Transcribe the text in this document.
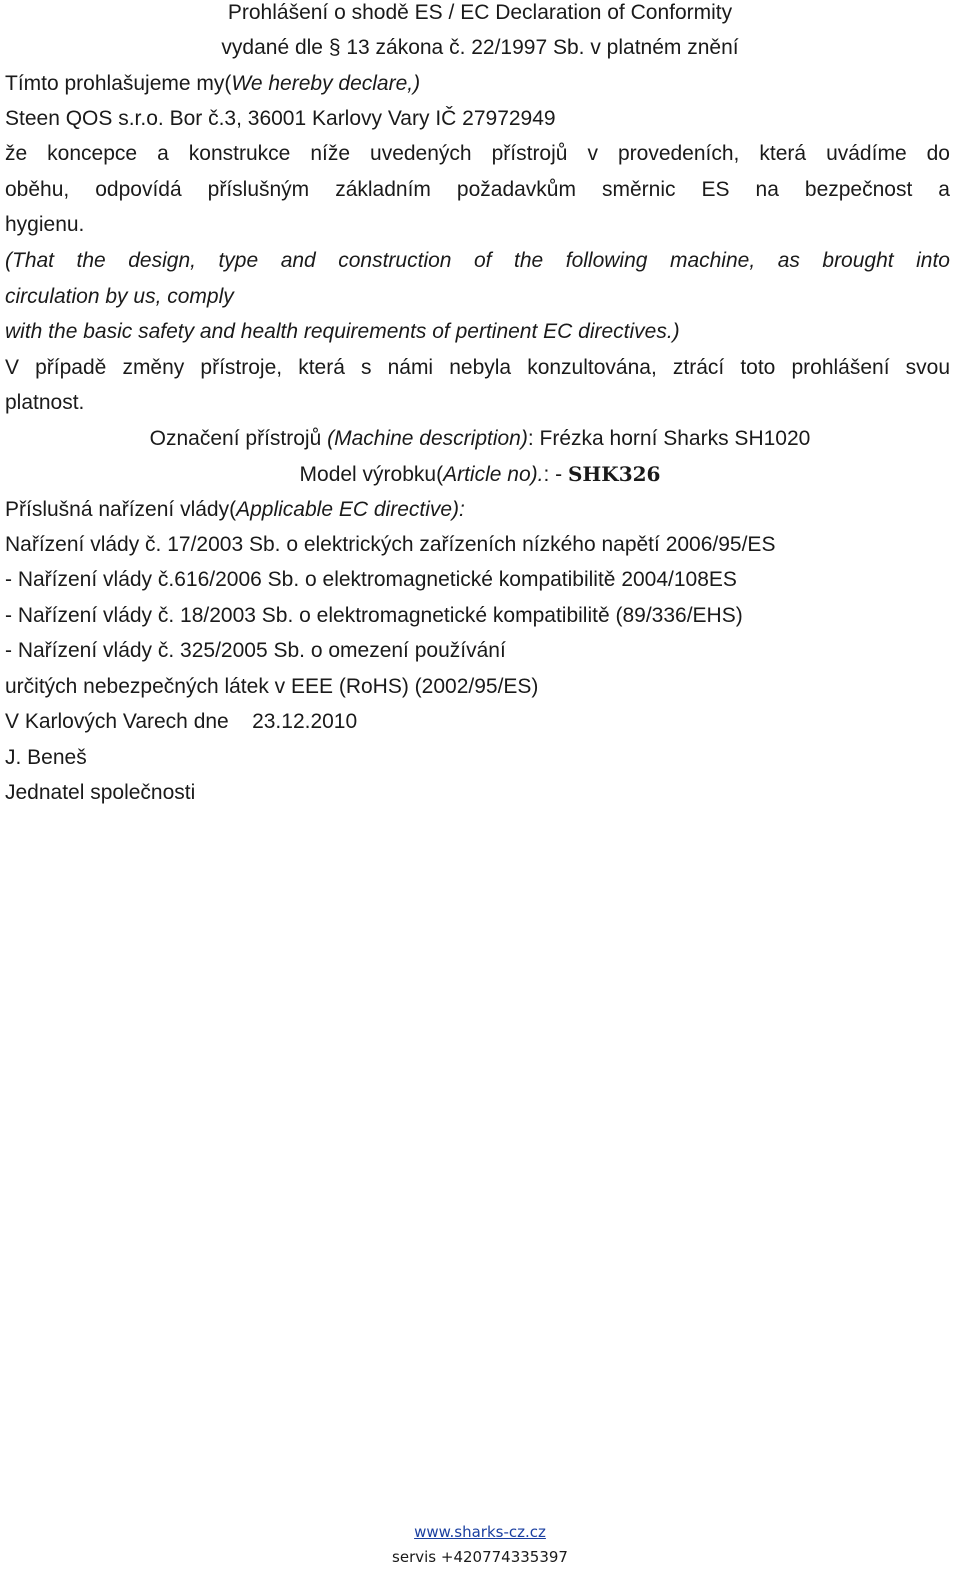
Prohlášení o shodě ES / EC Declaration of Conformity
vydané dle § 13 zákona č. 22/1997 Sb. v platném znění
Tímto prohlašujeme my(We hereby declare,)
Steen QOS s.r.o. Bor č.3, 36001 Karlovy Vary IČ 27972949
že koncepce a konstrukce níže uvedených přístrojů v provedeních, která uvádíme do
oběhu, odpovídá příslušným základním požadavkům směrnic ES na bezpečnost a
hygienu.
(That the design, type and construction of the following machine, as brought into
circulation by us, comply
with the basic safety and health requirements of pertinent EC directives.)
V případě změny přístroje, která s námi nebyla konzultována, ztrácí toto prohlášení svou
platnost.
Označení přístrojů (Machine description): Frézka horní Sharks SH1020
Model výrobku(Article no).: - SHK326
Příslušná nařízení vlády(Applicable EC directive):
Nařízení vlády č. 17/2003 Sb. o elektrických zařízeních nízkého napětí 2006/95/ES
- Nařízení vlády č.616/2006 Sb. o elektromagnetické kompatibilitě 2004/108ES
- Nařízení vlády č. 18/2003 Sb. o elektromagnetické kompatibilitě (89/336/EHS)
- Nařízení vlády č. 325/2005 Sb. o omezení používání
určitých nebezpečných látek v EEE (RoHS) (2002/95/ES)
V Karlových Varech dne    23.12.2010
J. Beneš
Jednatel společnosti
www.sharks-cz.cz
servis +420774335397
